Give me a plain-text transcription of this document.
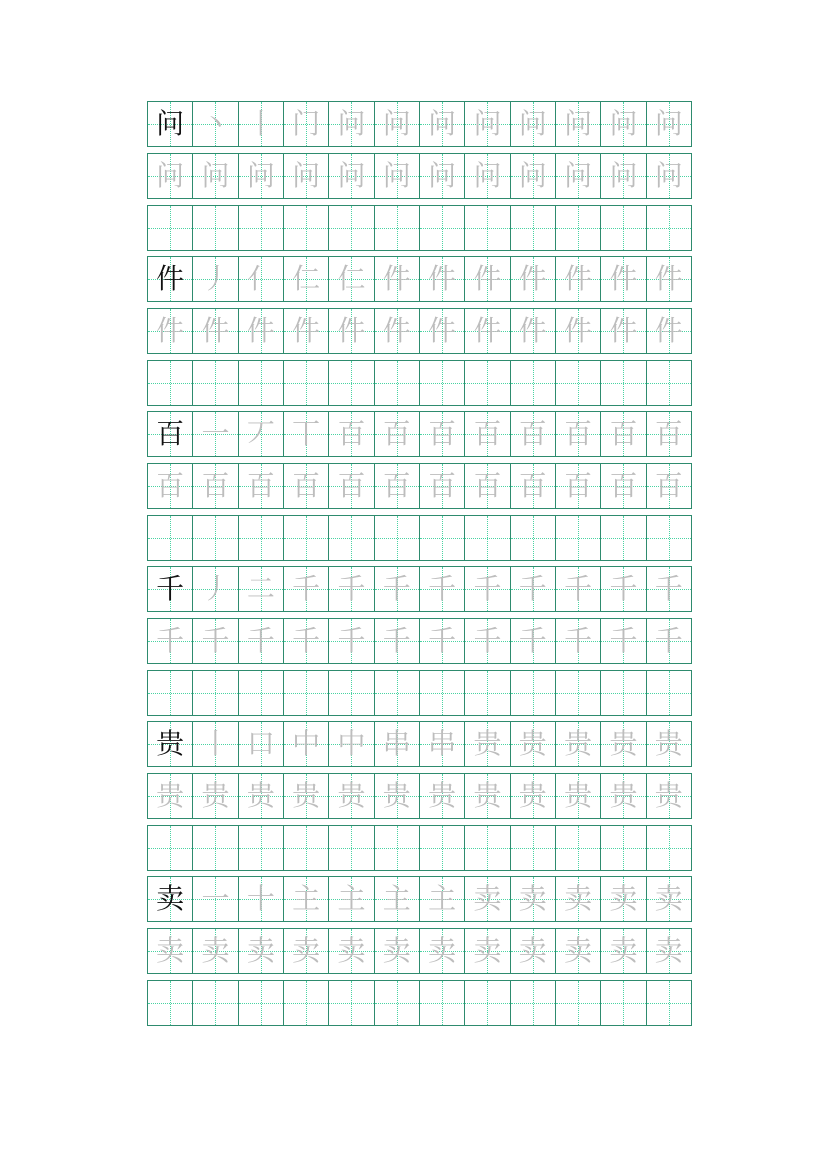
问 丶 丨 门 问 问 问 问 问 问 问 问
问 问 问 问 问 问 问 问 问 问 问 问
件 丿 亻 仁 仁 件 件 件 件 件 件 件
件 件 件 件 件 件 件 件 件 件 件 件
百 一 丆 丅 百 百 百 百 百 百 百 百
百 百 百 百 百 百 百 百 百 百 百 百
千 丿 二 千 千 千 千 千 千 千 千 千
千 千 千 千 千 千 千 千 千 千 千 千
贵 丨 口 中 中 串 串 贵 贵 贵 贵 贵
贵 贵 贵 贵 贵 贵 贵 贵 贵 贵 贵 贵
卖 一 十 主 主 主 主 卖 卖 卖 卖 卖
卖 卖 卖 卖 卖 卖 卖 卖 卖 卖 卖 卖
